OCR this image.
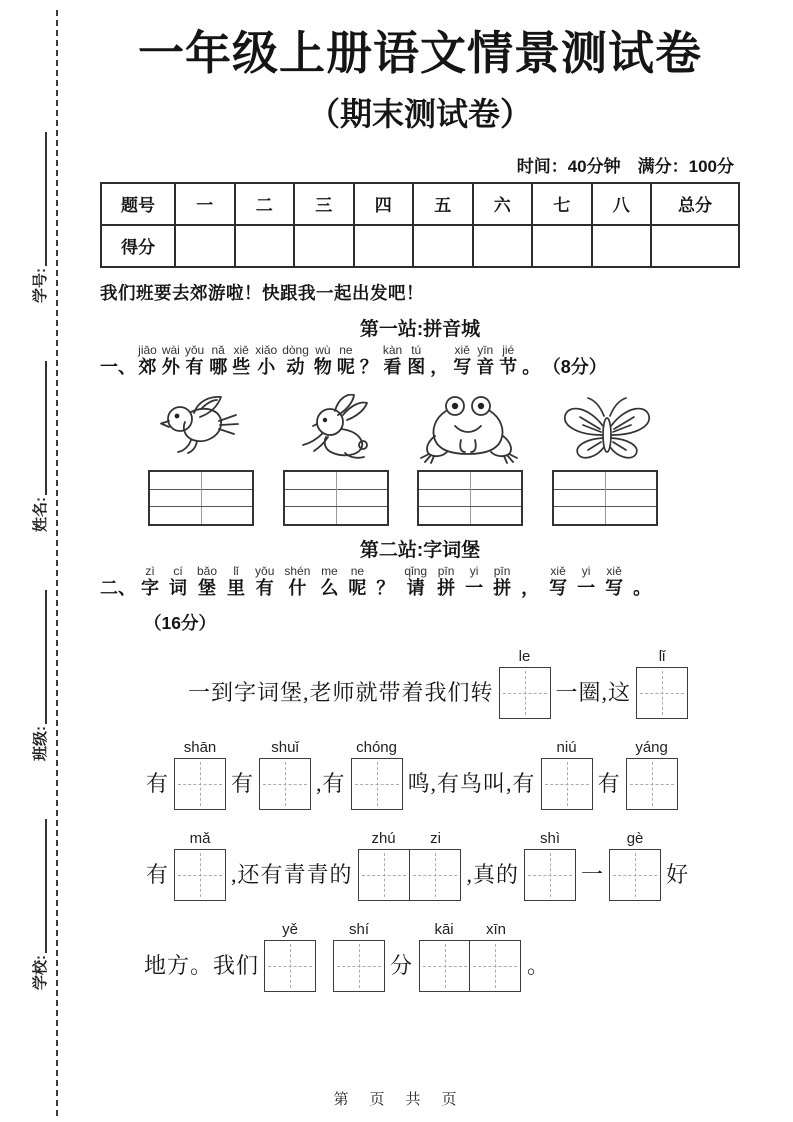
学校:
班级:
姓名:
学号:
一年级上册语文情景测试卷
（期末测试卷）
时间：40分钟　满分：100分
题号	一	二	三	四	五	六	七	八	总分
得分									
我们班要去郊游啦！快跟我一起出发吧！
第一站:拼音城
一、 郊jiāo外wài有yǒu哪nǎ些xiē小xiǎo动dòng物wù呢ne？ 看kàn图tú， 写xiě音yīn节jié。 （8分）
第二站:字词堡
二、 字zì词cí堡bǎo里lǐ有yǒu什shén么me呢ne？ 请qǐng拼pīn一yi拼pīn， 写xiě一yi写xiě。
（16分）
一到字词堡,老师就带着我们转
le
一圈,这
lǐ
有
shān
有
shuǐ
,有
chóng
鸣,有鸟叫,有
niú
有
yáng
有
mǎ
,还有青青的
zhú	zi
,真的
shì
一
gè
好
地方。我们
yě	shí
分
kāi	xīn
。
第　页　共　页
